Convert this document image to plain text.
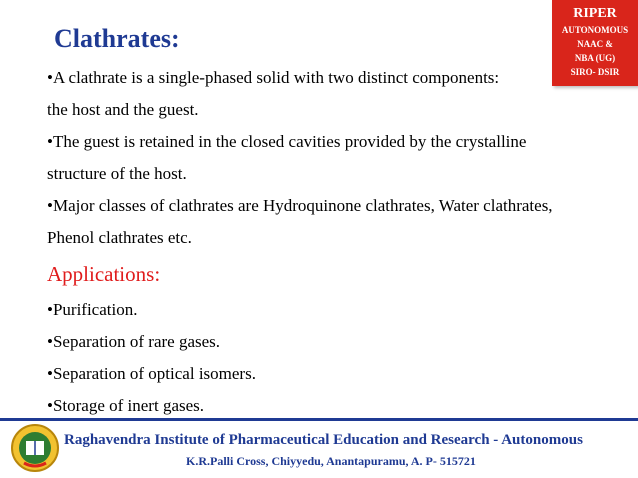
Clathrates:
RIPER
AUTONOMOUS
NAAC &
NBA (UG)
SIRO- DSIR
•A clathrate is a single-phased solid with two distinct components:
the host and the guest.
•The guest is retained in the closed cavities provided by the crystalline
structure of the host.
•Major classes of clathrates are Hydroquinone clathrates, Water clathrates,
Phenol clathrates etc.
Applications:
•Purification.
•Separation of rare gases.
•Separation of optical isomers.
•Storage of inert gases.
Raghavendra Institute of Pharmaceutical Education and Research - Autonomous
K.R.Palli Cross, Chiyyedu, Anantapuramu, A. P- 515721
